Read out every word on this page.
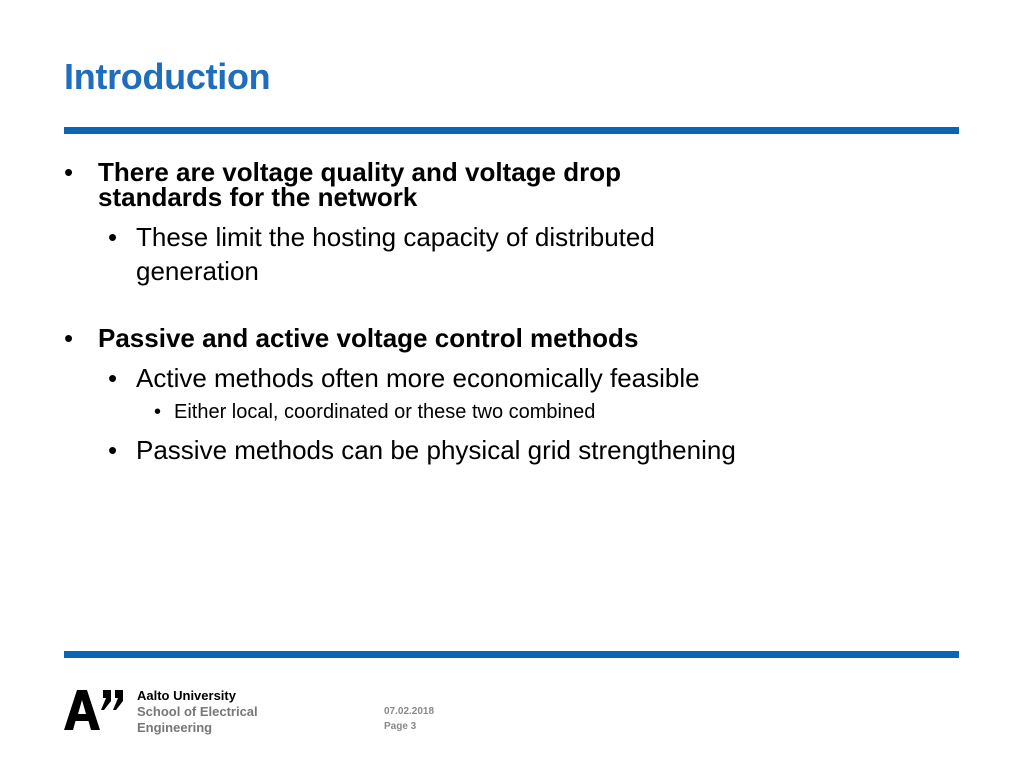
Introduction
• There are voltage quality and voltage drop standards for the network
• These limit the hosting capacity of distributed generation
• Passive and active voltage control methods
• Active methods often more economically feasible
• Either local, coordinated or these two combined
• Passive methods can be physical grid strengthening
Aalto University
School of Electrical
Engineering
07.02.2018
Page 3
